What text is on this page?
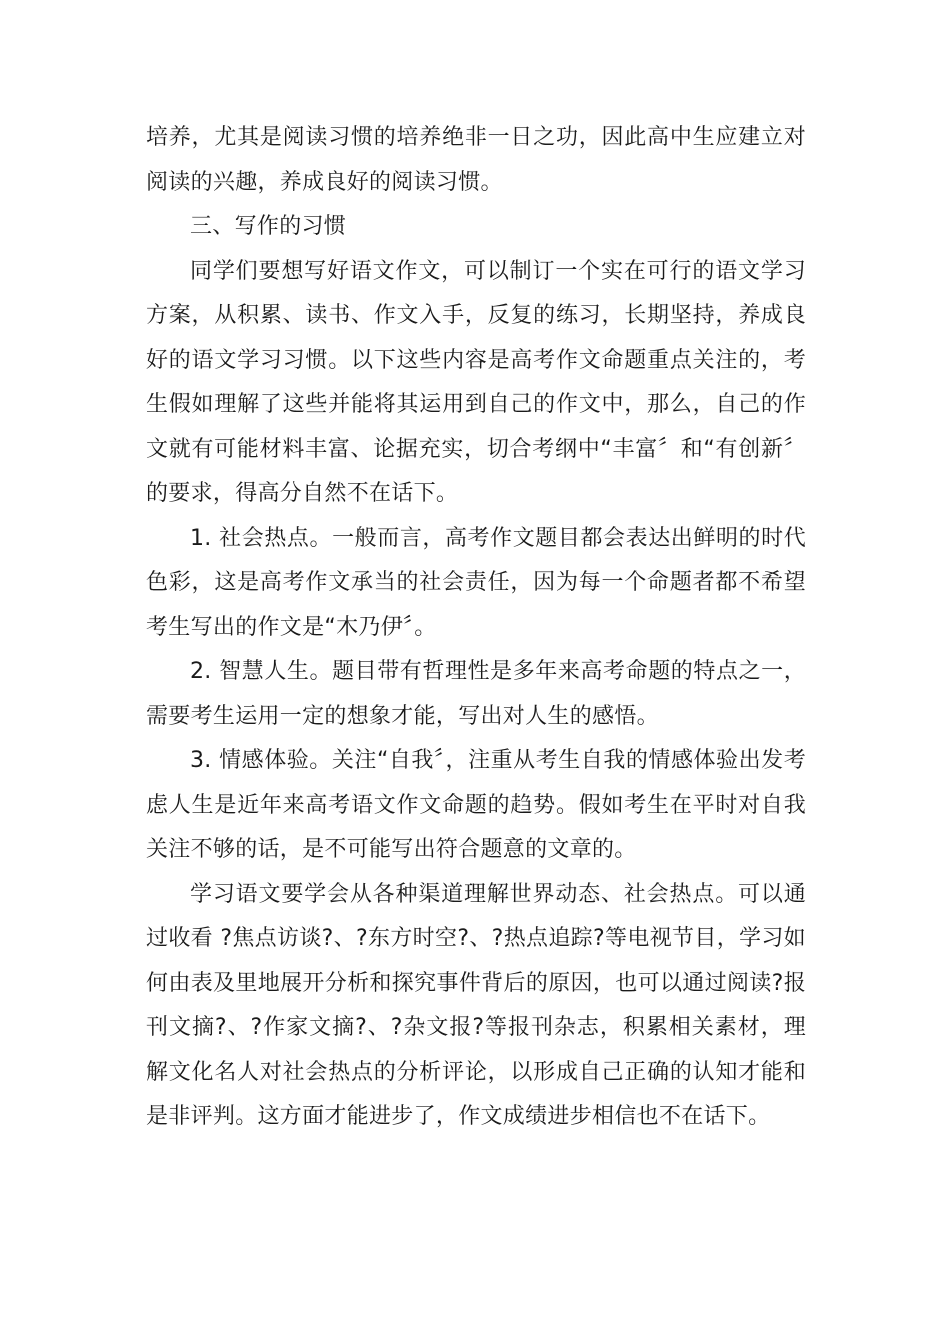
培养，尤其是阅读习惯的培养绝非一日之功，因此高中生应建立对阅读的兴趣，养成良好的阅读习惯。

三、写作的习惯

同学们要想写好语文作文，可以制订一个实在可行的语文学习方案，从积累、读书、作文入手，反复的练习，长期坚持，养成良好的语文学习习惯。以下这些内容是高考作文命题重点关注的，考生假如理解了这些并能将其运用到自己的作文中，那么，自己的作文就有可能材料丰富、论据充实，切合考纲中“丰富〞和“有创新〞的要求，得高分自然不在话下。

1. 社会热点。一般而言，高考作文题目都会表达出鲜明的时代色彩，这是高考作文承当的社会责任，因为每一个命题者都不希望考生写出的作文是“木乃伊〞。

2. 智慧人生。题目带有哲理性是多年来高考命题的特点之一，需要考生运用一定的想象才能，写出对人生的感悟。

3. 情感体验。关注“自我〞，注重从考生自我的情感体验出发考虑人生是近年来高考语文作文命题的趋势。假如考生在平时对自我关注不够的话，是不可能写出符合题意的文章的。

学习语文要学会从各种渠道理解世界动态、社会热点。可以通过收看 ?焦点访谈?、?东方时空?、?热点追踪?等电视节目，学习如何由表及里地展开分析和探究事件背后的原因，也可以通过阅读?报刊文摘?、?作家文摘?、?杂文报?等报刊杂志，积累相关素材，理解文化名人对社会热点的分析评论，以形成自己正确的认知才能和是非评判。这方面才能进步了，作文成绩进步相信也不在话下。
